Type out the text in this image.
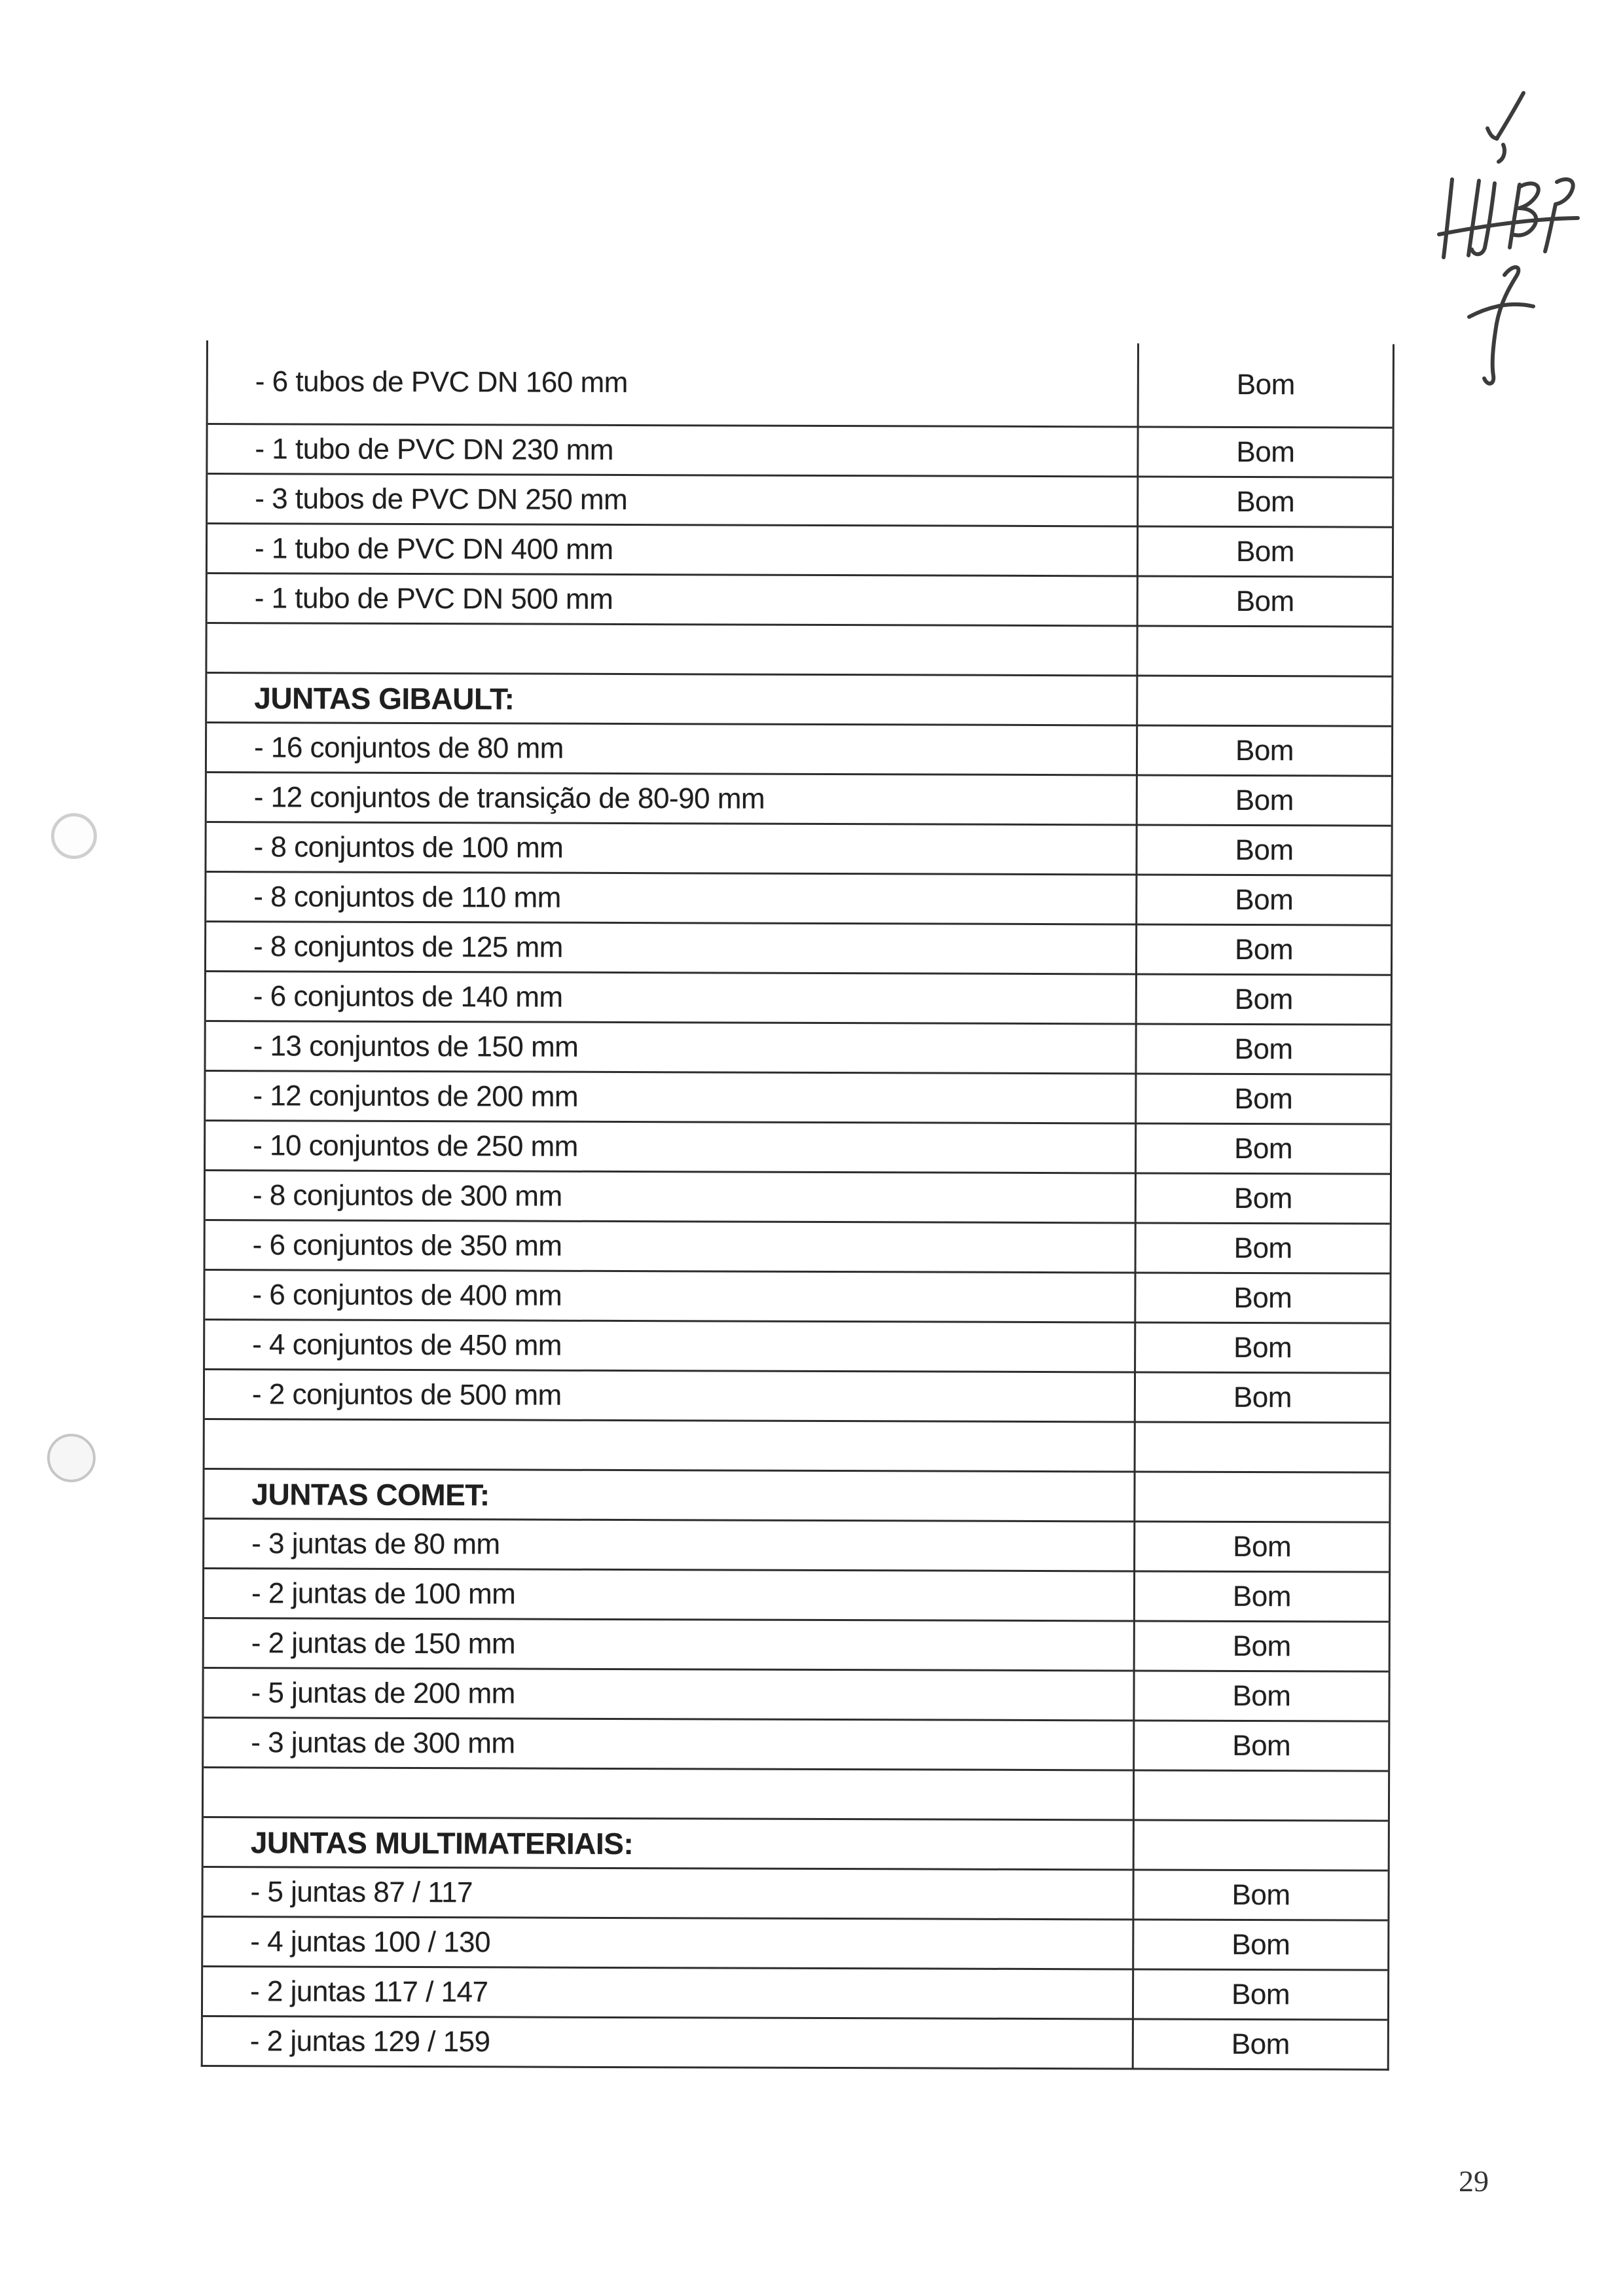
- 6 tubos de PVC DN 160 mm	Bom
- 1 tubo de PVC DN 230 mm	Bom
- 3 tubos de PVC DN 250 mm	Bom
- 1 tubo de PVC DN 400 mm	Bom
- 1 tubo de PVC DN 500 mm	Bom
JUNTAS GIBAULT:
- 16 conjuntos de 80 mm	Bom
- 12 conjuntos de transição de 80-90 mm	Bom
- 8 conjuntos de 100 mm	Bom
- 8 conjuntos de 110 mm	Bom
- 8 conjuntos de 125 mm	Bom
- 6 conjuntos de 140 mm	Bom
- 13 conjuntos de 150 mm	Bom
- 12 conjuntos de 200 mm	Bom
- 10 conjuntos de 250 mm	Bom
- 8 conjuntos de 300 mm	Bom
- 6 conjuntos de 350 mm	Bom
- 6 conjuntos de 400 mm	Bom
- 4 conjuntos de 450 mm	Bom
- 2 conjuntos de 500 mm	Bom
JUNTAS COMET:
- 3 juntas de 80 mm	Bom
- 2 juntas de 100 mm	Bom
- 2 juntas de 150 mm	Bom
- 5 juntas de 200 mm	Bom
- 3 juntas de 300 mm	Bom
JUNTAS MULTIMATERIAIS:
- 5 juntas 87 / 117	Bom
- 4 juntas 100 / 130	Bom
- 2 juntas 117 / 147	Bom
- 2 juntas 129 / 159	Bom
29
